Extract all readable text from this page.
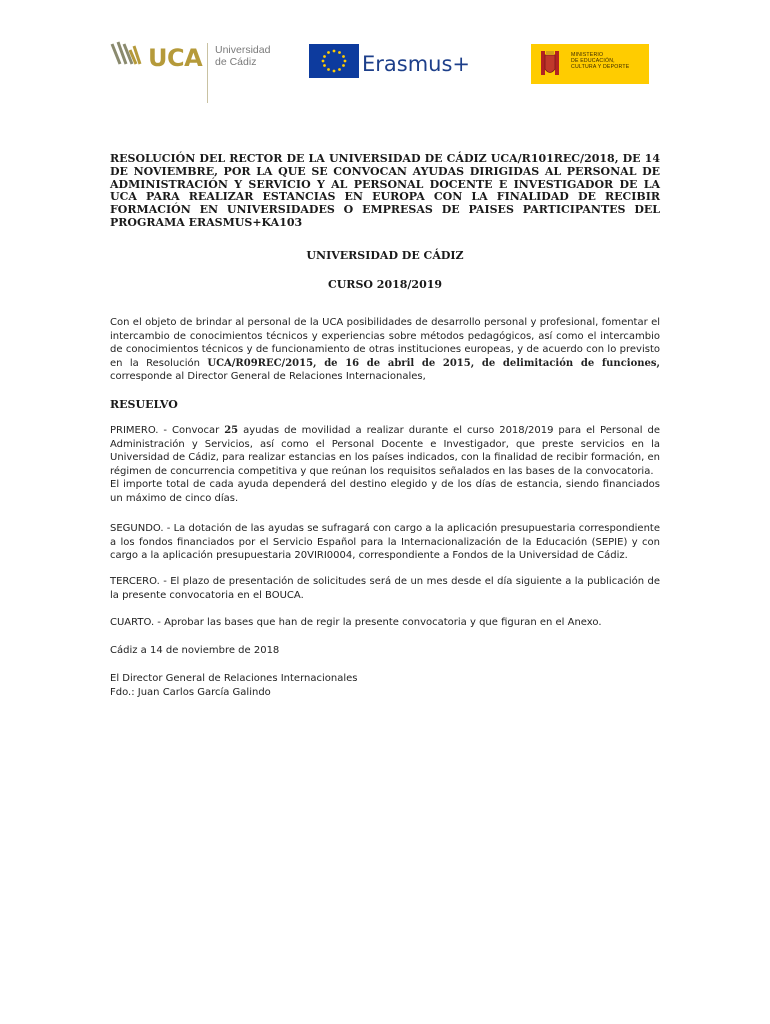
UCA Universidad
de Cádiz	Erasmus+	MINISTERIO
DE EDUCACIÓN,
CULTURA Y DEPORTE

RESOLUCIÓN DEL RECTOR DE LA UNIVERSIDAD DE CÁDIZ UCA/R101REC/2018, DE 14 DE NOVIEMBRE, POR LA QUE SE CONVOCAN AYUDAS DIRIGIDAS AL PERSONAL DE ADMINISTRACIÓN Y SERVICIO Y AL PERSONAL DOCENTE E INVESTIGADOR DE LA UCA PARA REALIZAR ESTANCIAS EN EUROPA CON LA FINALIDAD DE RECIBIR FORMACIÓN EN UNIVERSIDADES O EMPRESAS DE PAISES PARTICIPANTES DEL PROGRAMA ERASMUS+KA103

UNIVERSIDAD DE CÁDIZ

CURSO 2018/2019

Con el objeto de brindar al personal de la UCA posibilidades de desarrollo personal y profesional, fomentar el intercambio de conocimientos técnicos y experiencias sobre métodos pedagógicos, así como el intercambio de conocimientos técnicos y de funcionamiento de otras instituciones europeas, y de acuerdo con lo previsto en la Resolución UCA/R09REC/2015, de 16 de abril de 2015, de delimitación de funciones, corresponde al Director General de Relaciones Internacionales,

RESUELVO

PRIMERO. - Convocar 25 ayudas de movilidad a realizar durante el curso 2018/2019 para el Personal de Administración y Servicios, así como el Personal Docente e Investigador, que preste servicios en la Universidad de Cádiz, para realizar estancias en los países indicados, con la finalidad de recibir formación, en régimen de concurrencia competitiva y que reúnan los requisitos señalados en las bases de la convocatoria.
El importe total de cada ayuda dependerá del destino elegido y de los días de estancia, siendo financiados un máximo de cinco días.

SEGUNDO. - La dotación de las ayudas se sufragará con cargo a la aplicación presupuestaria correspondiente a los fondos financiados por el Servicio Español para la Internacionalización de la Educación (SEPIE) y con cargo a la aplicación presupuestaria 20VIRI0004, correspondiente a Fondos de la Universidad de Cádiz.

TERCERO. - El plazo de presentación de solicitudes será de un mes desde el día siguiente a la publicación de la presente convocatoria en el BOUCA.

CUARTO. - Aprobar las bases que han de regir la presente convocatoria y que figuran en el Anexo.

Cádiz a 14 de noviembre de 2018

El Director General de Relaciones Internacionales
Fdo.: Juan Carlos García Galindo
